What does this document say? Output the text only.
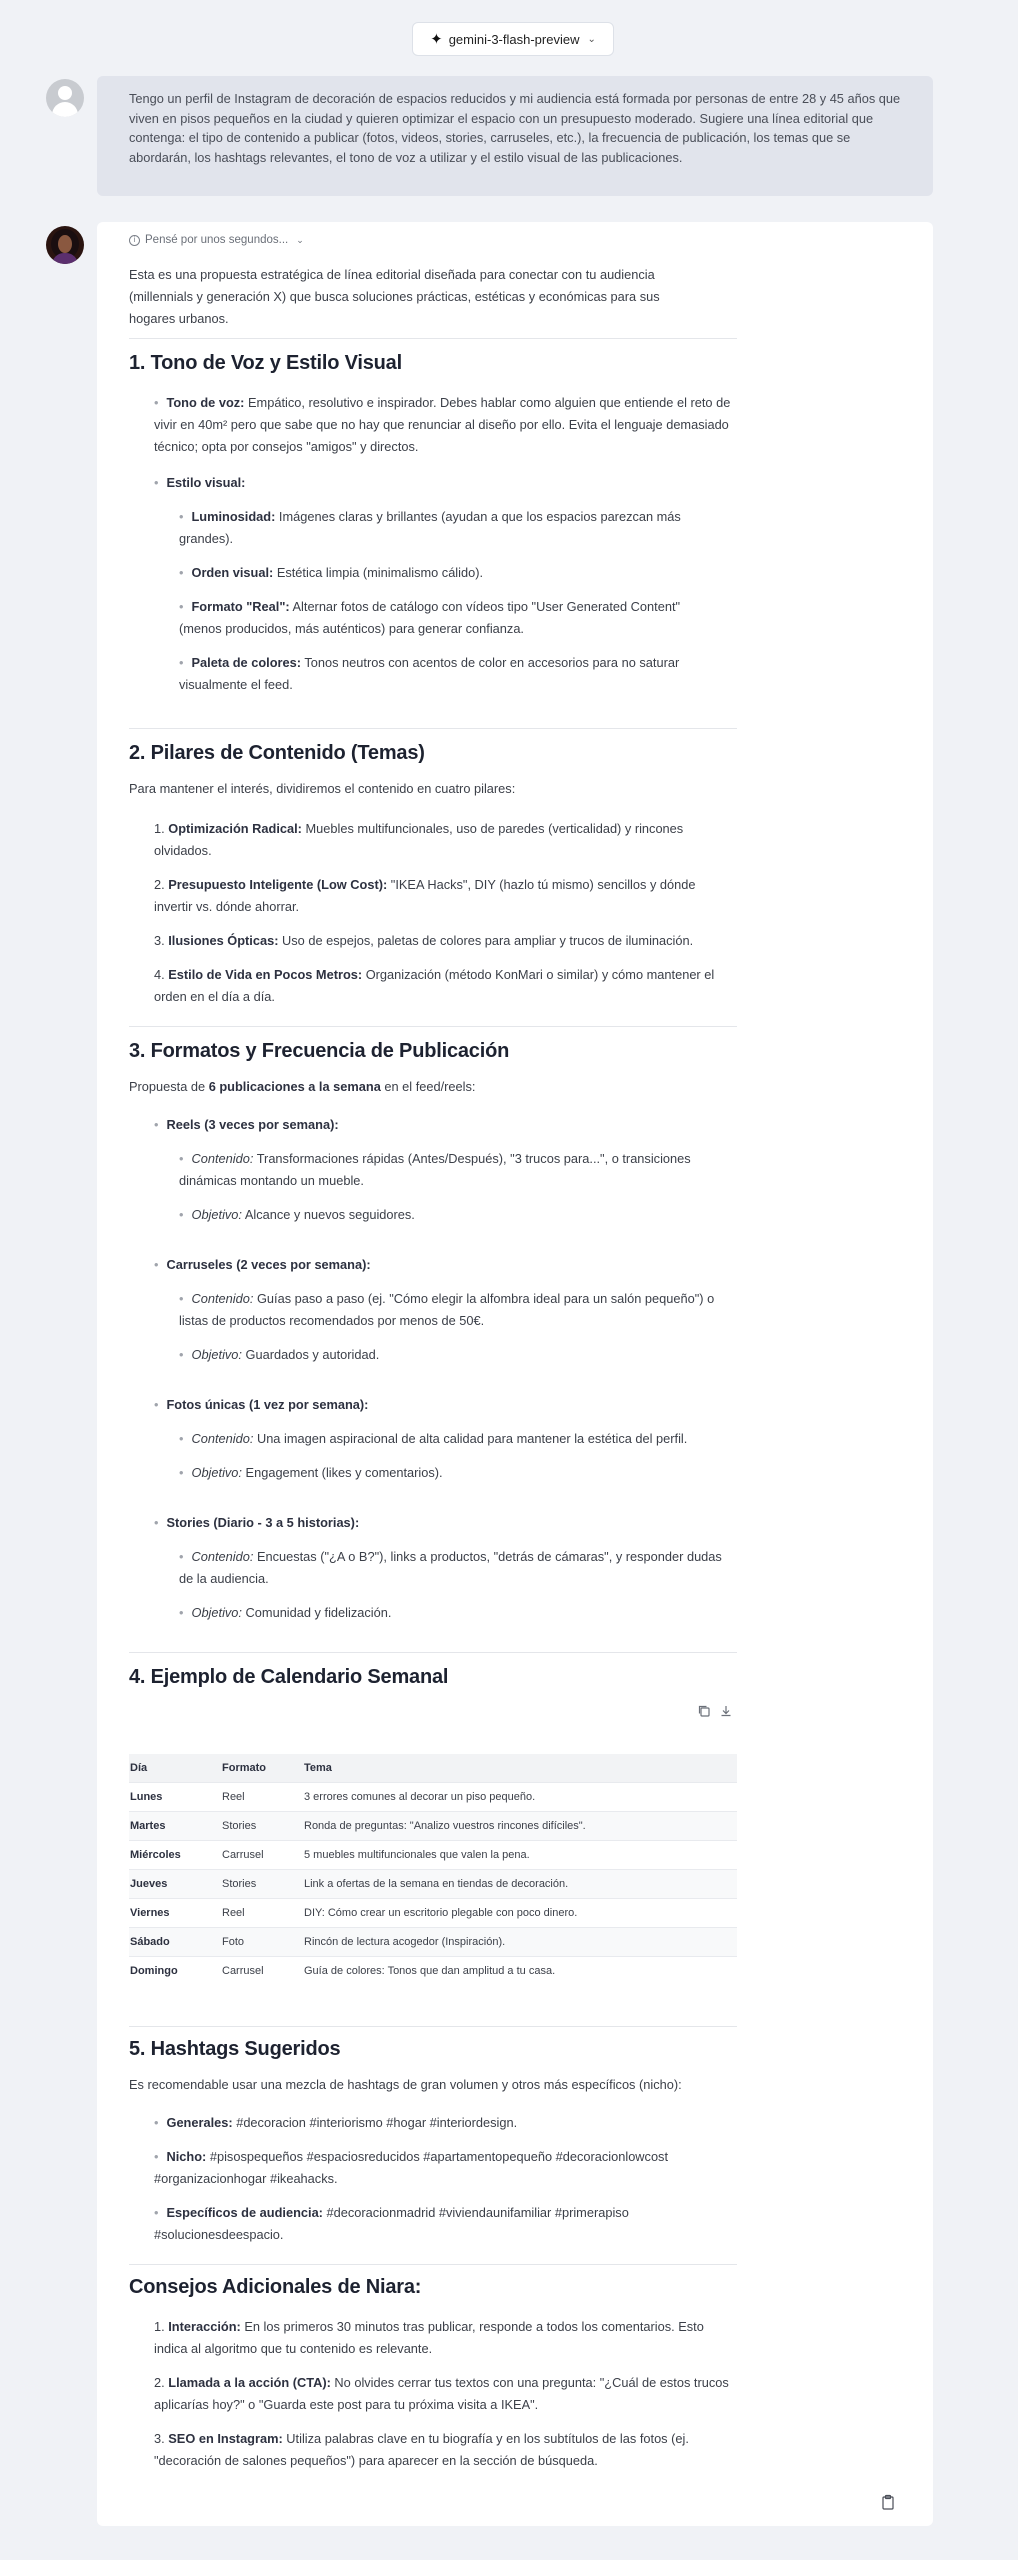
✦ gemini-3-flash-preview ⌄
Tengo un perfil de Instagram de decoración de espacios reducidos y mi audiencia está formada por personas de entre 28 y 45 años que viven en pisos pequeños en la ciudad y quieren optimizar el espacio con un presupuesto moderado. Sugiere una línea editorial que contenga: el tipo de contenido a publicar (fotos, videos, stories, carruseles, etc.), la frecuencia de publicación, los temas que se abordarán, los hashtags relevantes, el tono de voz a utilizar y el estilo visual de las publicaciones.
i Pensé por unos segundos... ⌄
Esta es una propuesta estratégica de línea editorial diseñada para conectar con tu audiencia (millennials y generación X) que busca soluciones prácticas, estéticas y económicas para sus hogares urbanos.
1. Tono de Voz y Estilo Visual
• Tono de voz: Empático, resolutivo e inspirador. Debes hablar como alguien que entiende el reto de vivir en 40m² pero que sabe que no hay que renunciar al diseño por ello. Evita el lenguaje demasiado técnico; opta por consejos "amigos" y directos.
• Estilo visual:
• Luminosidad: Imágenes claras y brillantes (ayudan a que los espacios parezcan más grandes).
• Orden visual: Estética limpia (minimalismo cálido).
• Formato "Real": Alternar fotos de catálogo con vídeos tipo "User Generated Content" (menos producidos, más auténticos) para generar confianza.
• Paleta de colores: Tonos neutros con acentos de color en accesorios para no saturar visualmente el feed.
2. Pilares de Contenido (Temas)
Para mantener el interés, dividiremos el contenido en cuatro pilares:
1. Optimización Radical: Muebles multifuncionales, uso de paredes (verticalidad) y rincones olvidados.
2. Presupuesto Inteligente (Low Cost): "IKEA Hacks", DIY (hazlo tú mismo) sencillos y dónde invertir vs. dónde ahorrar.
3. Ilusiones Ópticas: Uso de espejos, paletas de colores para ampliar y trucos de iluminación.
4. Estilo de Vida en Pocos Metros: Organización (método KonMari o similar) y cómo mantener el orden en el día a día.
3. Formatos y Frecuencia de Publicación
Propuesta de 6 publicaciones a la semana en el feed/reels:
• Reels (3 veces por semana):
• Contenido: Transformaciones rápidas (Antes/Después), "3 trucos para...", o transiciones dinámicas montando un mueble.
• Objetivo: Alcance y nuevos seguidores.
• Carruseles (2 veces por semana):
• Contenido: Guías paso a paso (ej. "Cómo elegir la alfombra ideal para un salón pequeño") o listas de productos recomendados por menos de 50€.
• Objetivo: Guardados y autoridad.
• Fotos únicas (1 vez por semana):
• Contenido: Una imagen aspiracional de alta calidad para mantener la estética del perfil.
• Objetivo: Engagement (likes y comentarios).
• Stories (Diario - 3 a 5 historias):
• Contenido: Encuestas ("¿A o B?"), links a productos, "detrás de cámaras", y responder dudas de la audiencia.
• Objetivo: Comunidad y fidelización.
4. Ejemplo de Calendario Semanal
Día	Formato	Tema
Lunes	Reel	3 errores comunes al decorar un piso pequeño.
Martes	Stories	Ronda de preguntas: "Analizo vuestros rincones difíciles".
Miércoles	Carrusel	5 muebles multifuncionales que valen la pena.
Jueves	Stories	Link a ofertas de la semana en tiendas de decoración.
Viernes	Reel	DIY: Cómo crear un escritorio plegable con poco dinero.
Sábado	Foto	Rincón de lectura acogedor (Inspiración).
Domingo	Carrusel	Guía de colores: Tonos que dan amplitud a tu casa.
5. Hashtags Sugeridos
Es recomendable usar una mezcla de hashtags de gran volumen y otros más específicos (nicho):
• Generales: #decoracion #interiorismo #hogar #interiordesign.
• Nicho: #pisospequeños #espaciosreducidos #apartamentopequeño #decoracionlowcost #organizacionhogar #ikeahacks.
• Específicos de audiencia: #decoracionmadrid #viviendaunifamiliar #primerapiso #solucionesdeespacio.
Consejos Adicionales de Niara:
1. Interacción: En los primeros 30 minutos tras publicar, responde a todos los comentarios. Esto indica al algoritmo que tu contenido es relevante.
2. Llamada a la acción (CTA): No olvides cerrar tus textos con una pregunta: "¿Cuál de estos trucos aplicarías hoy?" o "Guarda este post para tu próxima visita a IKEA".
3. SEO en Instagram: Utiliza palabras clave en tu biografía y en los subtítulos de las fotos (ej. "decoración de salones pequeños") para aparecer en la sección de búsqueda.
